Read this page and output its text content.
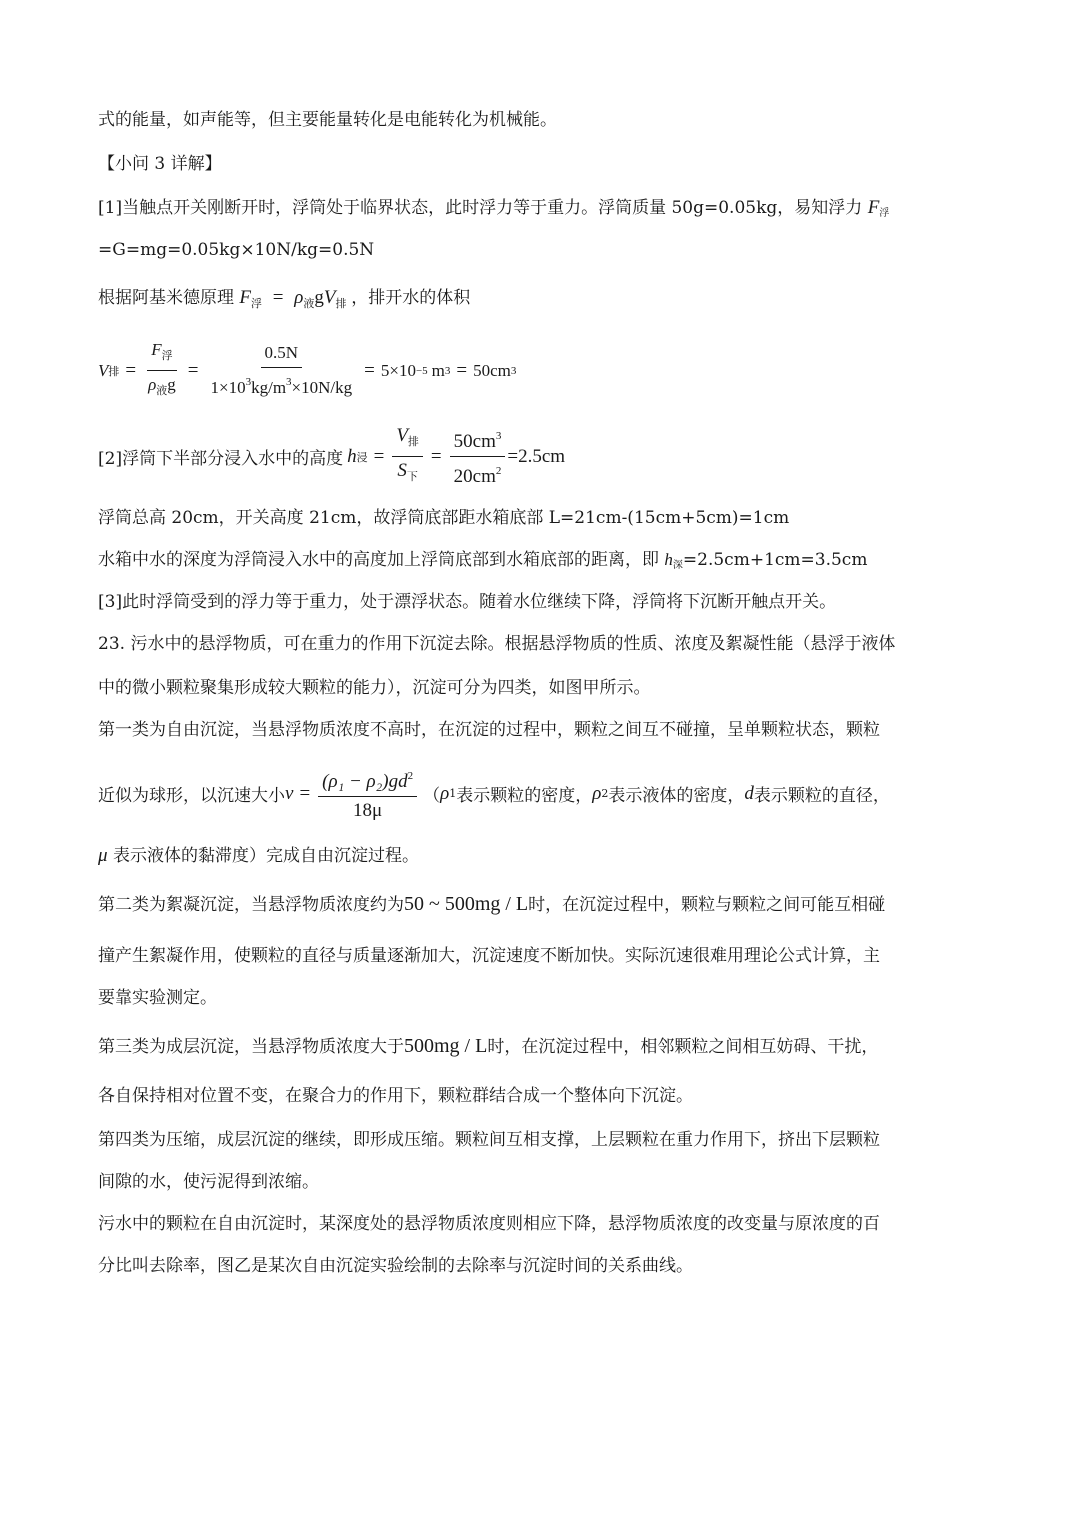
式的能量，如声能等，但主要能量转化是电能转化为机械能。
【小问 3 详解】
[1]当触点开关刚断开时，浮筒处于临界状态，此时浮力等于重力。浮筒质量 50g=0.05kg，易知浮力 F浮
=G=mg=0.05kg×10N/kg=0.5N
根据阿基米德原理 $F_浮 = \rho_液gV_排$ ，排开水的体积
V 排 = $\frac{F_浮}{\rho_液g} = \frac{0.5N}{1\times 10^3kg/m^3\times 10N/kg} = 5\times 10 -5$ m 3 = 50cm 3
[2]浮筒下半部分浸入水中的高度 h 浸 = $\frac{V_排}{S_下} = \frac{50cm^3}{20cm^2} =2.5cm$
浮筒总高 20cm，开关高度 21cm，故浮筒底部距水箱底部 L=21cm-(15cm+5cm)=1cm
水箱中水的深度为浮筒浸入水中的高度加上浮筒底部到水箱底部的距离，即 h深=2.5cm+1cm=3.5cm
[3]此时浮筒受到的浮力等于重力，处于漂浮状态。随着水位继续下降，浮筒将下沉断开触点开关。
23. 污水中的悬浮物质，可在重力的作用下沉淀去除。根据悬浮物质的性质、浓度及絮凝性能（悬浮于液体
中的微小颗粒聚集形成较大颗粒的能力），沉淀可分为四类，如图甲所示。
第一类为自由沉淀，当悬浮物质浓度不高时，在沉淀的过程中，颗粒之间互不碰撞，呈单颗粒状态，颗粒
近似为球形，以沉速大小 $v = \frac{(\rho_1 - \rho_2)gd^2}{18\mu}$ （ ρ 1 表示颗粒的密度， ρ 2 表示液体的密度， d 表示颗粒的直径，
μ 表示液体的黏滞度）完成自由沉淀过程。
第二类为絮凝沉淀，当悬浮物质浓度约为50 ~ 500mg / L时，在沉淀过程中，颗粒与颗粒之间可能互相碰
撞产生絮凝作用，使颗粒的直径与质量逐渐加大，沉淀速度不断加快。实际沉速很难用理论公式计算，主
要靠实验测定。
第三类为成层沉淀，当悬浮物质浓度大于500mg / L时，在沉淀过程中，相邻颗粒之间相互妨碍、干扰，
各自保持相对位置不变，在聚合力的作用下，颗粒群结合成一个整体向下沉淀。
第四类为压缩，成层沉淀的继续，即形成压缩。颗粒间互相支撑，上层颗粒在重力作用下，挤出下层颗粒
间隙的水，使污泥得到浓缩。
污水中的颗粒在自由沉淀时，某深度处的悬浮物质浓度则相应下降，悬浮物质浓度的改变量与原浓度的百
分比叫去除率，图乙是某次自由沉淀实验绘制的去除率与沉淀时间的关系曲线。
